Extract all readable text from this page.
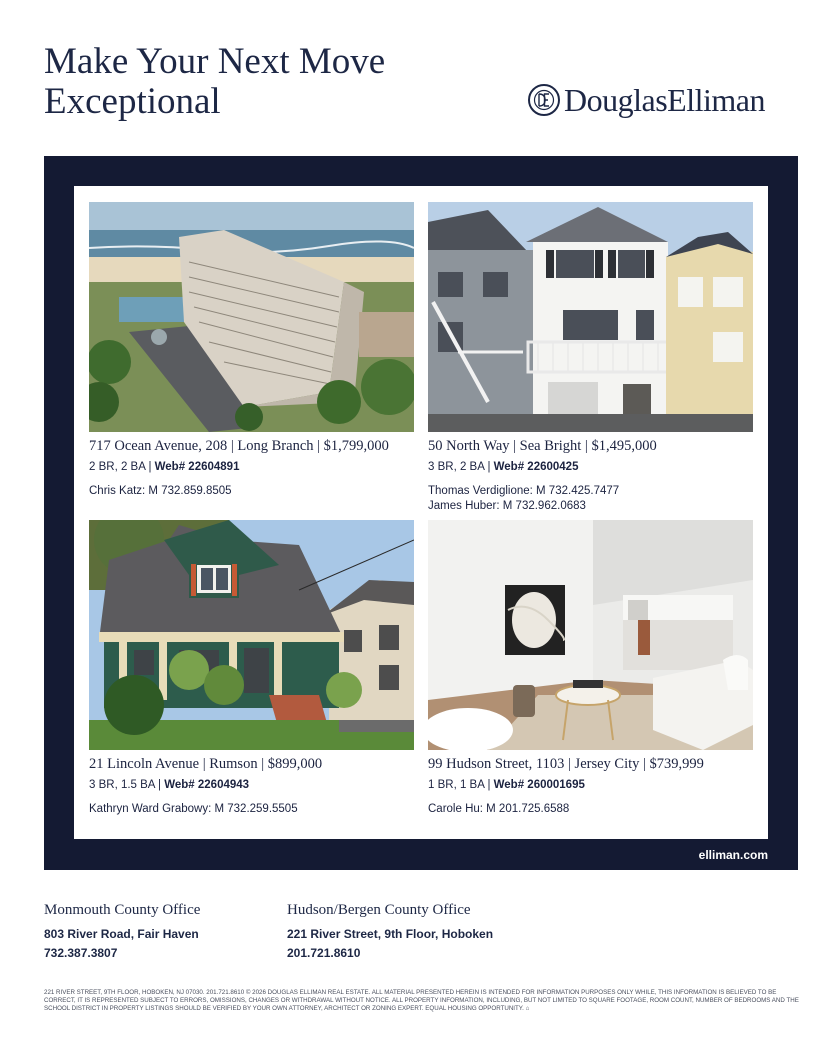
Make Your Next Move
Exceptional	DouglasElliman
717 Ocean Avenue, 208 | Long Branch | $1,799,000
2 BR, 2 BA | Web# 22604891
Chris Katz: M 732.859.8505
50 North Way | Sea Bright | $1,495,000
3 BR, 2 BA | Web# 22600425
Thomas Verdiglione: M 732.425.7477
James Huber: M 732.962.0683
21 Lincoln Avenue | Rumson | $899,000
3 BR, 1.5 BA | Web# 22604943
Kathryn Ward Grabowy: M 732.259.5505
99 Hudson Street, 1103 | Jersey City | $739,999
1 BR, 1 BA | Web# 260001695
Carole Hu: M 201.725.6588
elliman.com
Monmouth County Office
803 River Road, Fair Haven
732.387.3807
Hudson/Bergen County Office
221 River Street, 9th Floor, Hoboken
201.721.8610
221 RIVER STREET, 9TH FLOOR, HOBOKEN, NJ 07030. 201.721.8610 © 2026 DOUGLAS ELLIMAN REAL ESTATE. ALL MATERIAL PRESENTED HEREIN IS INTENDED FOR INFORMATION PURPOSES ONLY WHILE, THIS INFORMATION IS BELIEVED TO BE CORRECT, IT IS REPRESENTED SUBJECT TO ERRORS, OMISSIONS, CHANGES OR WITHDRAWAL WITHOUT NOTICE. ALL PROPERTY INFORMATION, INCLUDING, BUT NOT LIMITED TO SQUARE FOOTAGE, ROOM COUNT, NUMBER OF BEDROOMS AND THE SCHOOL DISTRICT IN PROPERTY LISTINGS SHOULD BE VERIFIED BY YOUR OWN ATTORNEY, ARCHITECT OR ZONING EXPERT. EQUAL HOUSING OPPORTUNITY. ⌂
